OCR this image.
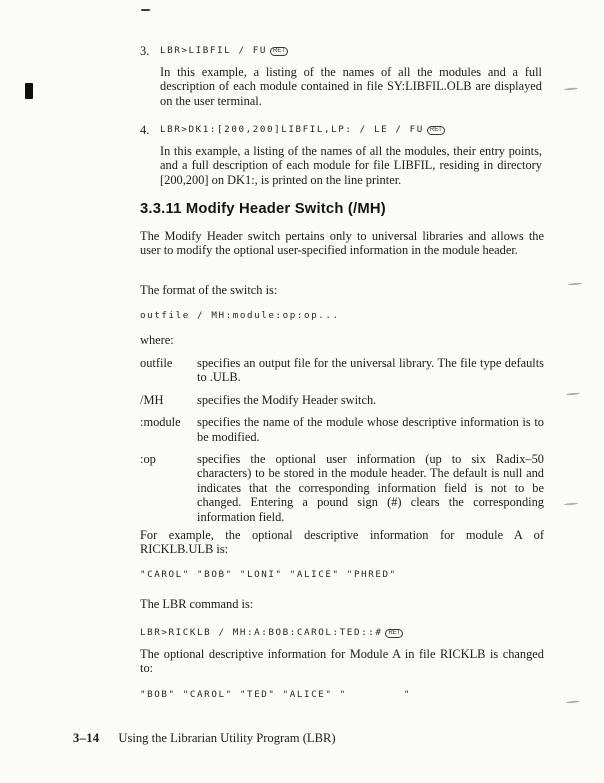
3. LBR>LIBFIL / FU RET

In this example, a listing of the names of all the modules and a full description of each module contained in file SY:LIBFIL.OLB are displayed on the user terminal.

4. LBR>DK1:[200,200]LIBFIL,LP: / LE / FU RET

In this example, a listing of the names of all the modules, their entry points, and a full description of each module for file LIBFIL, residing in directory [200,200] on DK1:, is printed on the line printer.

3.3.11 Modify Header Switch (/MH)

The Modify Header switch pertains only to universal libraries and allows the user to modify the optional user-specified information in the module header.

The format of the switch is:

outfile / MH:module:op:op...

where:

outfile	specifies an output file for the universal library. The file type defaults to .ULB.
/MH	specifies the Modify Header switch.
:module	specifies the name of the module whose descriptive information is to be modified.
:op	specifies the optional user information (up to six Radix–50 characters) to be stored in the module header. The default is null and indicates that the corresponding information field is not to be changed. Entering a pound sign (#) clears the corresponding information field.

For example, the optional descriptive information for module A of RICKLB.ULB is:

"CAROL" "BOB" "LONI" "ALICE" "PHRED"

The LBR command is:

LBR>RICKLB / MH:A:BOB:CAROL:TED::# RET

The optional descriptive information for Module A in file RICKLB is changed to:

"BOB" "CAROL" "TED" "ALICE" "        "
3–14 Using the Librarian Utility Program (LBR)
